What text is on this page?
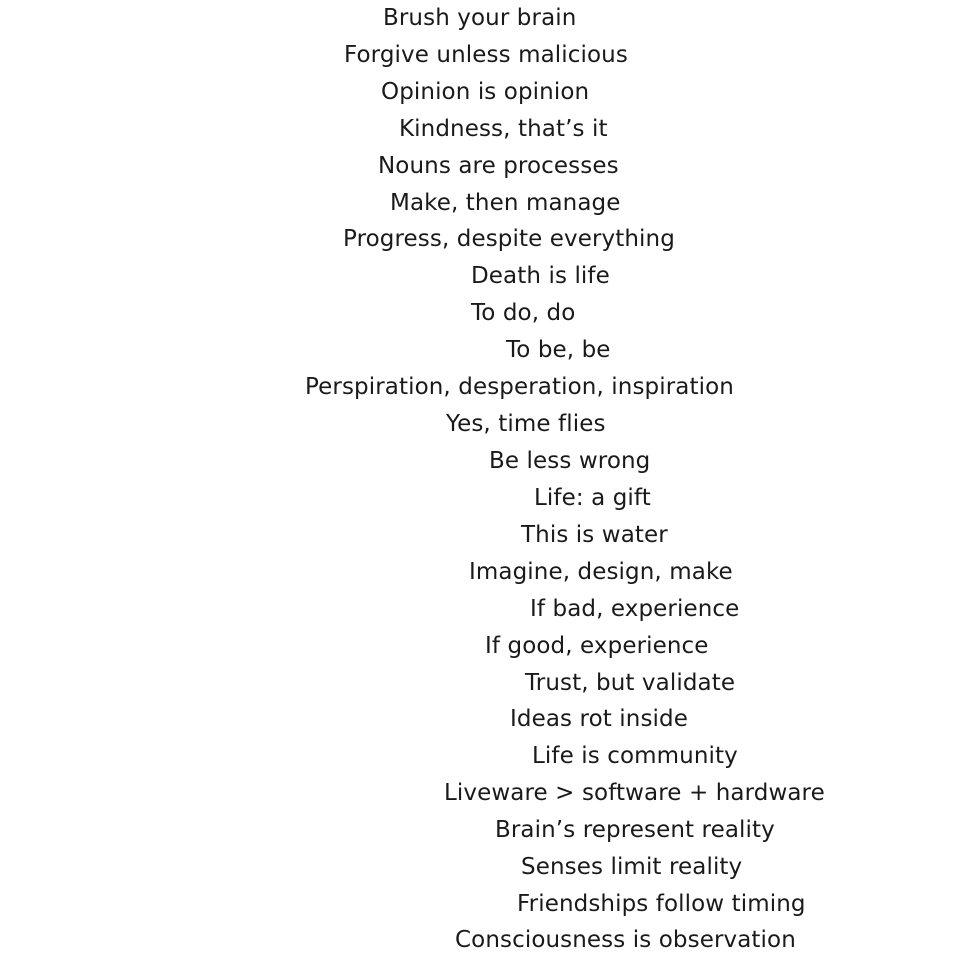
Brush your brain
Forgive unless malicious
Opinion is opinion
Kindness, that’s it
Nouns are processes
Make, then manage
Progress, despite everything
Death is life
To do, do
To be, be
Perspiration, desperation, inspiration
Yes, time flies
Be less wrong
Life: a gift
This is water
Imagine, design, make
If bad, experience
If good, experience
Trust, but validate
Ideas rot inside
Life is community
Liveware > software + hardware
Brain’s represent reality
Senses limit reality
Friendships follow timing
Consciousness is observation
